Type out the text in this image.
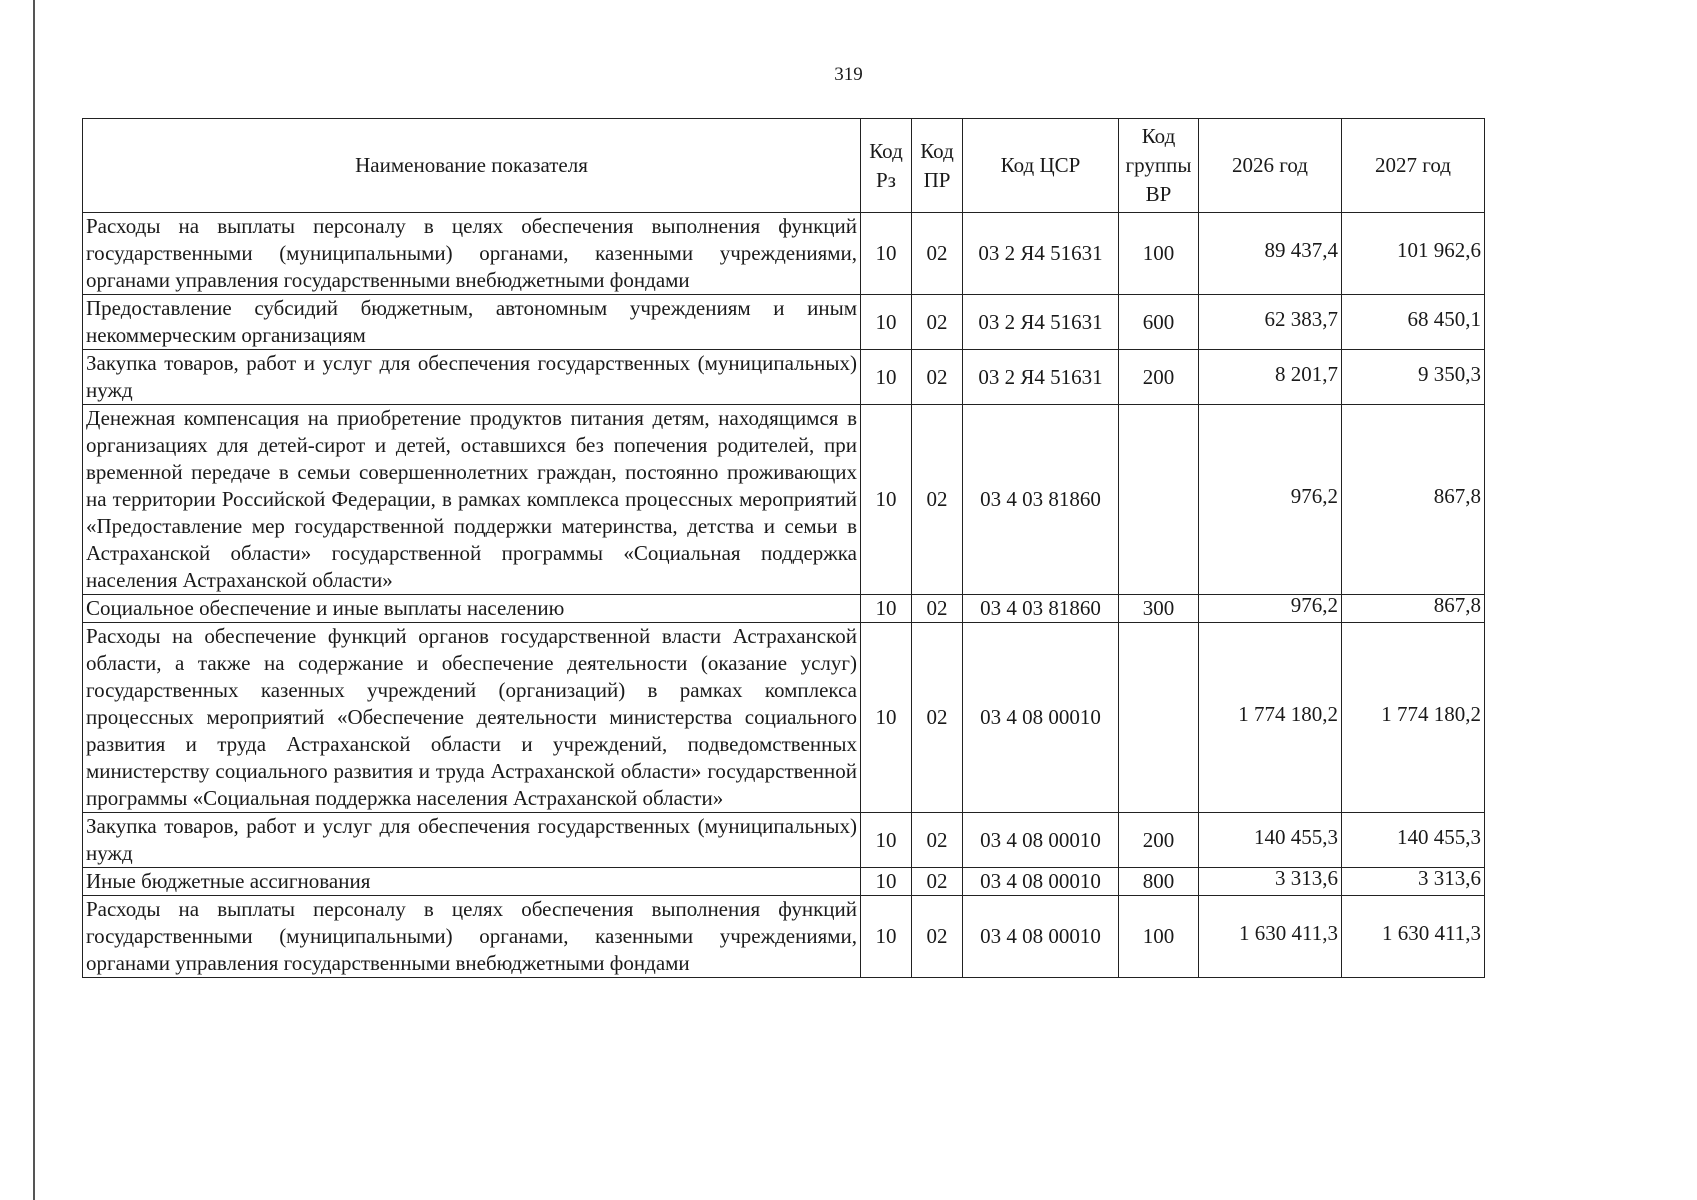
319
Наименование показателя	Код Рз	Код ПР	Код ЦСР	Код группы ВР	2026 год	2027 год
Расходы на выплаты персоналу в целях обеспечения выполнения функций государственными (муниципальными) органами, казенными учреждениями, органами управления государственными внебюджетными фондами	10	02	03 2 Я4 51631	100	89 437,4	101 962,6
Предоставление субсидий бюджетным, автономным учреждениям и иным некоммерческим организациям	10	02	03 2 Я4 51631	600	62 383,7	68 450,1
Закупка товаров, работ и услуг для обеспечения государственных (муниципальных) нужд	10	02	03 2 Я4 51631	200	8 201,7	9 350,3
Денежная компенсация на приобретение продуктов питания детям, находящимся в организациях для детей-сирот и детей, оставшихся без попечения родителей, при временной передаче в семьи совершеннолетних граждан, постоянно проживающих на территории Российской Федерации, в рамках комплекса процессных мероприятий «Предоставление мер государственной поддержки материнства, детства и семьи в Астраханской области» государственной программы «Социальная поддержка населения Астраханской области»	10	02	03 4 03 81860		976,2	867,8
Социальное обеспечение и иные выплаты населению	10	02	03 4 03 81860	300	976,2	867,8
Расходы на обеспечение функций органов государственной власти Астраханской области, а также на содержание и обеспечение деятельности (оказание услуг) государственных казенных учреждений (организаций) в рамках комплекса процессных мероприятий «Обеспечение деятельности министерства социального развития и труда Астраханской области и учреждений, подведомственных министерству социального развития и труда Астраханской области» государственной программы «Социальная поддержка населения Астраханской области»	10	02	03 4 08 00010		1 774 180,2	1 774 180,2
Закупка товаров, работ и услуг для обеспечения государственных (муниципальных) нужд	10	02	03 4 08 00010	200	140 455,3	140 455,3
Иные бюджетные ассигнования	10	02	03 4 08 00010	800	3 313,6	3 313,6
Расходы на выплаты персоналу в целях обеспечения выполнения функций государственными (муниципальными) органами, казенными учреждениями, органами управления государственными внебюджетными фондами	10	02	03 4 08 00010	100	1 630 411,3	1 630 411,3
